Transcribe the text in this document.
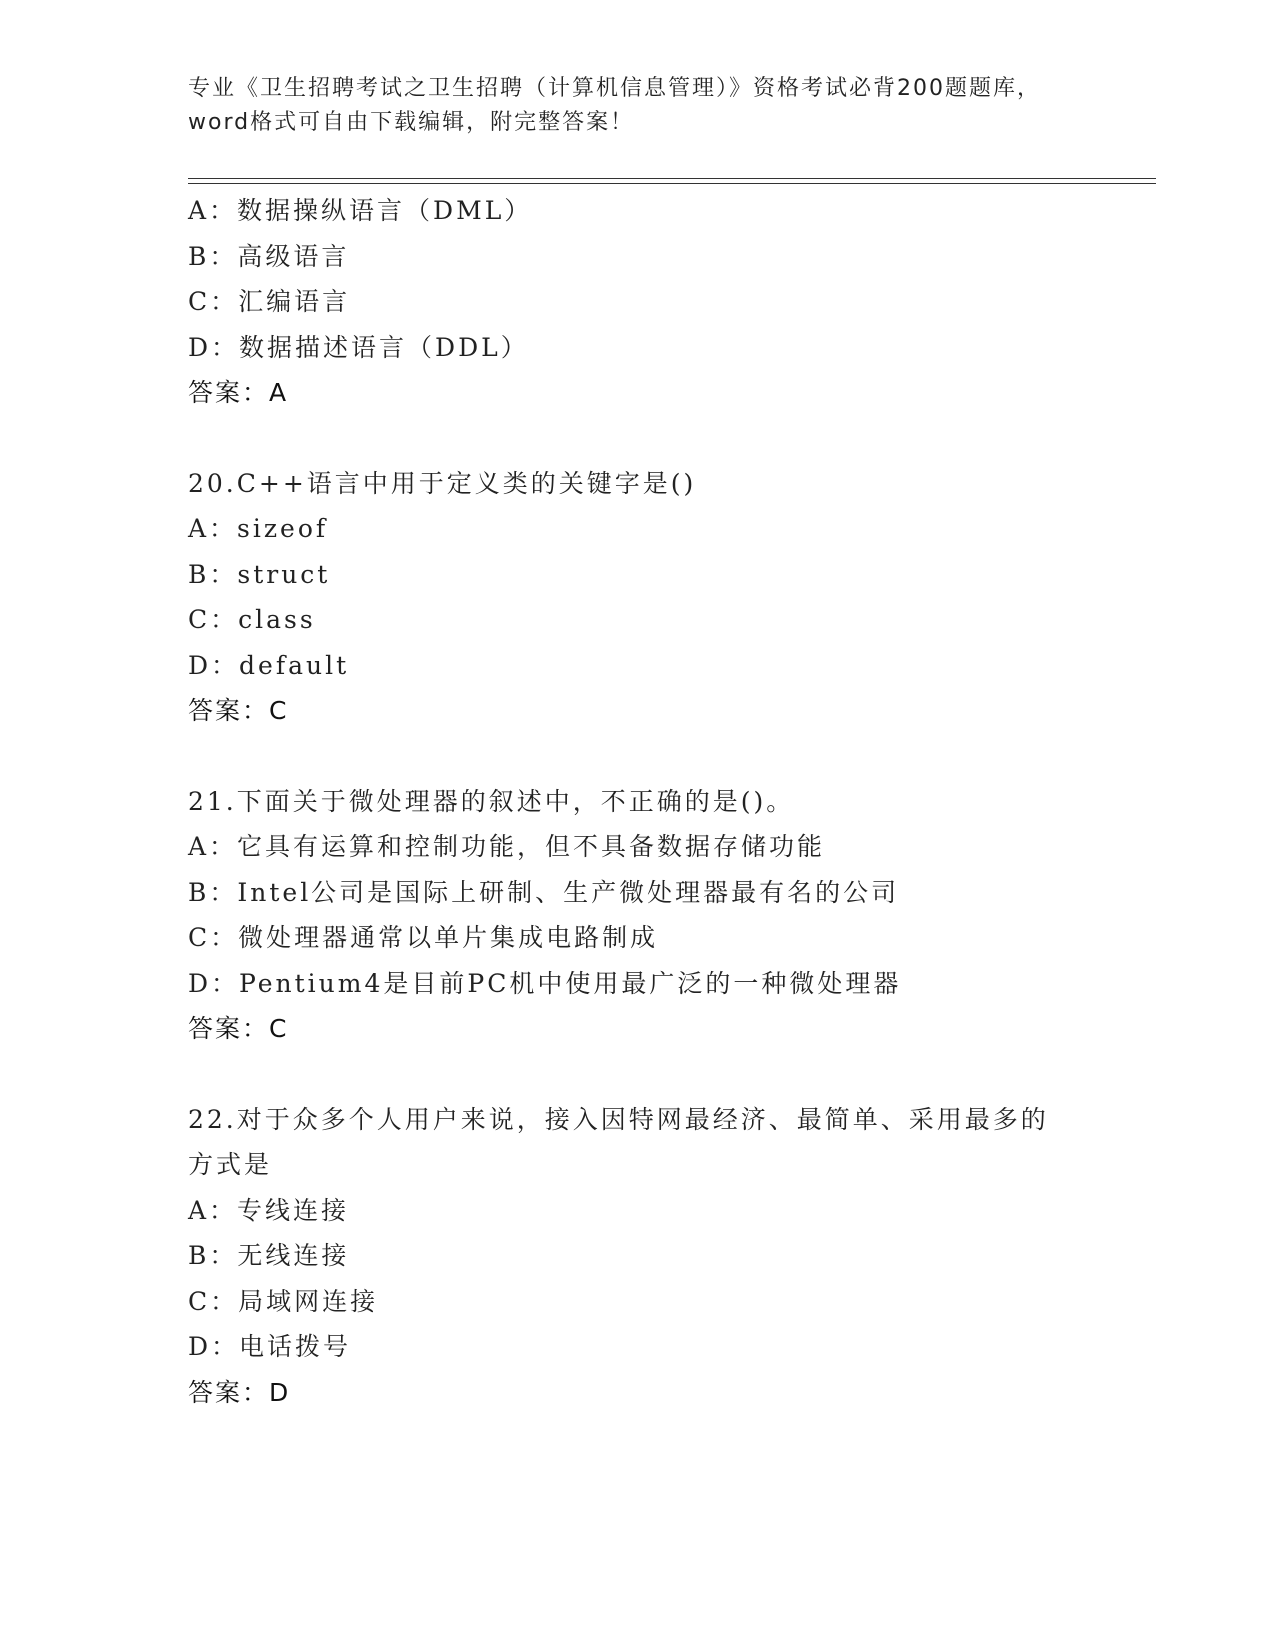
专业《卫生招聘考试之卫生招聘（计算机信息管理）》资格考试必背200题题库，
word格式可自由下载编辑，附完整答案！
A：数据操纵语言（DML）
B：高级语言
C：汇编语言
D：数据描述语言（DDL）
答案：A
20.C++语言中用于定义类的关键字是()
A：sizeof
B：struct
C：class
D：default
答案：C
21.下面关于微处理器的叙述中，不正确的是()。
A：它具有运算和控制功能，但不具备数据存储功能
B：Intel公司是国际上研制、生产微处理器最有名的公司
C：微处理器通常以单片集成电路制成
D：Pentium4是目前PC机中使用最广泛的一种微处理器
答案：C
22.对于众多个人用户来说，接入因特网最经济、最简单、采用最多的
方式是
A：专线连接
B：无线连接
C：局域网连接
D：电话拨号
答案：D
